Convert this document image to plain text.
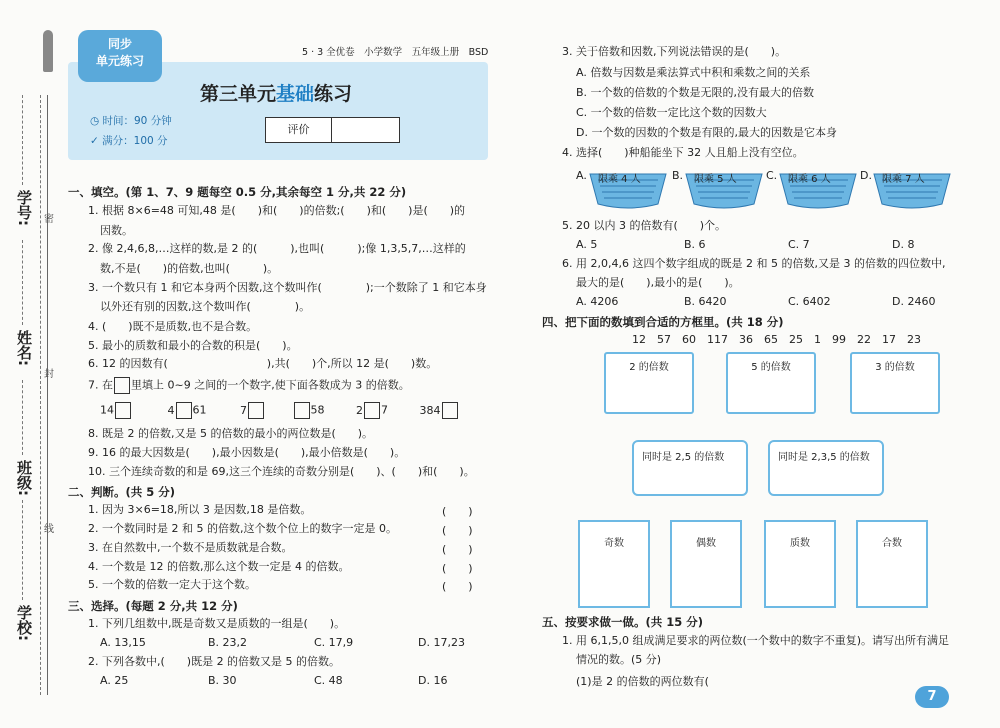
学号:
姓名:
班级:
学校:
密
封
线
同步
单元练习
5 · 3 全优卷　小学数学　五年级上册　BSD
第三单元基础练习
◷ 时间：90 分钟
✓ 满分：100 分
评价
一、填空。(第 1、7、9 题每空 0.5 分,其余每空 1 分,共 22 分)
1. 根据 8×6=48 可知,48 是(　　)和(　　)的倍数;(　　)和(　　)是(　　)的
因数。
2. 像 2,4,6,8,…这样的数,是 2 的(　　　),也叫(　　　);像 1,3,5,7,…这样的
数,不是(　　)的倍数,也叫(　　　)。
3. 一个数只有 1 和它本身两个因数,这个数叫作(　　　　);一个数除了 1 和它本身
以外还有别的因数,这个数叫作(　　　　)。
4. (　　)既不是质数,也不是合数。
5. 最小的质数和最小的合数的积是(　　)。
6. 12 的因数有(　　　　　　　　　),共(　　)个,所以 12 是(　　)数。
7. 在 里填上 0~9 之间的一个数字,使下面各数成为 3 的倍数。
14	4 61	7	58	2 7	384
8. 既是 2 的倍数,又是 5 的倍数的最小的两位数是(　　)。
9. 16 的最大因数是(　　),最小因数是(　　),最小倍数是(　　)。
10. 三个连续奇数的和是 69,这三个连续的奇数分别是(　　)、(　　)和(　　)。
二、判断。(共 5 分)
1. 因为 3×6=18,所以 3 是因数,18 是倍数。	(　　)
2. 一个数同时是 2 和 5 的倍数,这个数个位上的数字一定是 0。	(　　)
3. 在自然数中,一个数不是质数就是合数。	(　　)
4. 一个数是 12 的倍数,那么这个数一定是 4 的倍数。	(　　)
5. 一个数的倍数一定大于这个数。	(　　)
三、选择。(每题 2 分,共 12 分)
1. 下列几组数中,既是奇数又是质数的一组是(　　)。
A. 13,15	B. 23,2	C. 17,9	D. 17,23
2. 下列各数中,(　　)既是 2 的倍数又是 5 的倍数。
A. 25	B. 30	C. 48	D. 16
3. 关于倍数和因数,下列说法错误的是(　　)。
A. 倍数与因数是乘法算式中积和乘数之间的关系
B. 一个数的倍数的个数是无限的,没有最大的倍数
C. 一个数的倍数一定比这个数的因数大
D. 一个数的因数的个数是有限的,最大的因数是它本身
4. 选择(　　)种船能坐下 32 人且船上没有空位。
A. 限乘 4 人	B. 限乘 5 人	C. 限乘 6 人	D. 限乘 7 人
5. 20 以内 3 的倍数有(　　)个。
A. 5	B. 6	C. 7	D. 8
6. 用 2,0,4,6 这四个数字组成的既是 2 和 5 的倍数,又是 3 的倍数的四位数中,
最大的是(　　),最小的是(　　)。
A. 4206	B. 6420	C. 6402	D. 2460
四、把下面的数填到合适的方框里。(共 18 分)
12　57　60　117　36　65　25　1　99　22　17　23
2 的倍数	5 的倍数	3 的倍数
同时是 2,5 的倍数	同时是 2,3,5 的倍数
奇数	偶数	质数	合数
五、按要求做一做。(共 15 分)
1. 用 6,1,5,0 组成满足要求的两位数(一个数中的数字不重复)。请写出所有满足
情况的数。(5 分)
(1)是 2 的倍数的两位数有(
7
